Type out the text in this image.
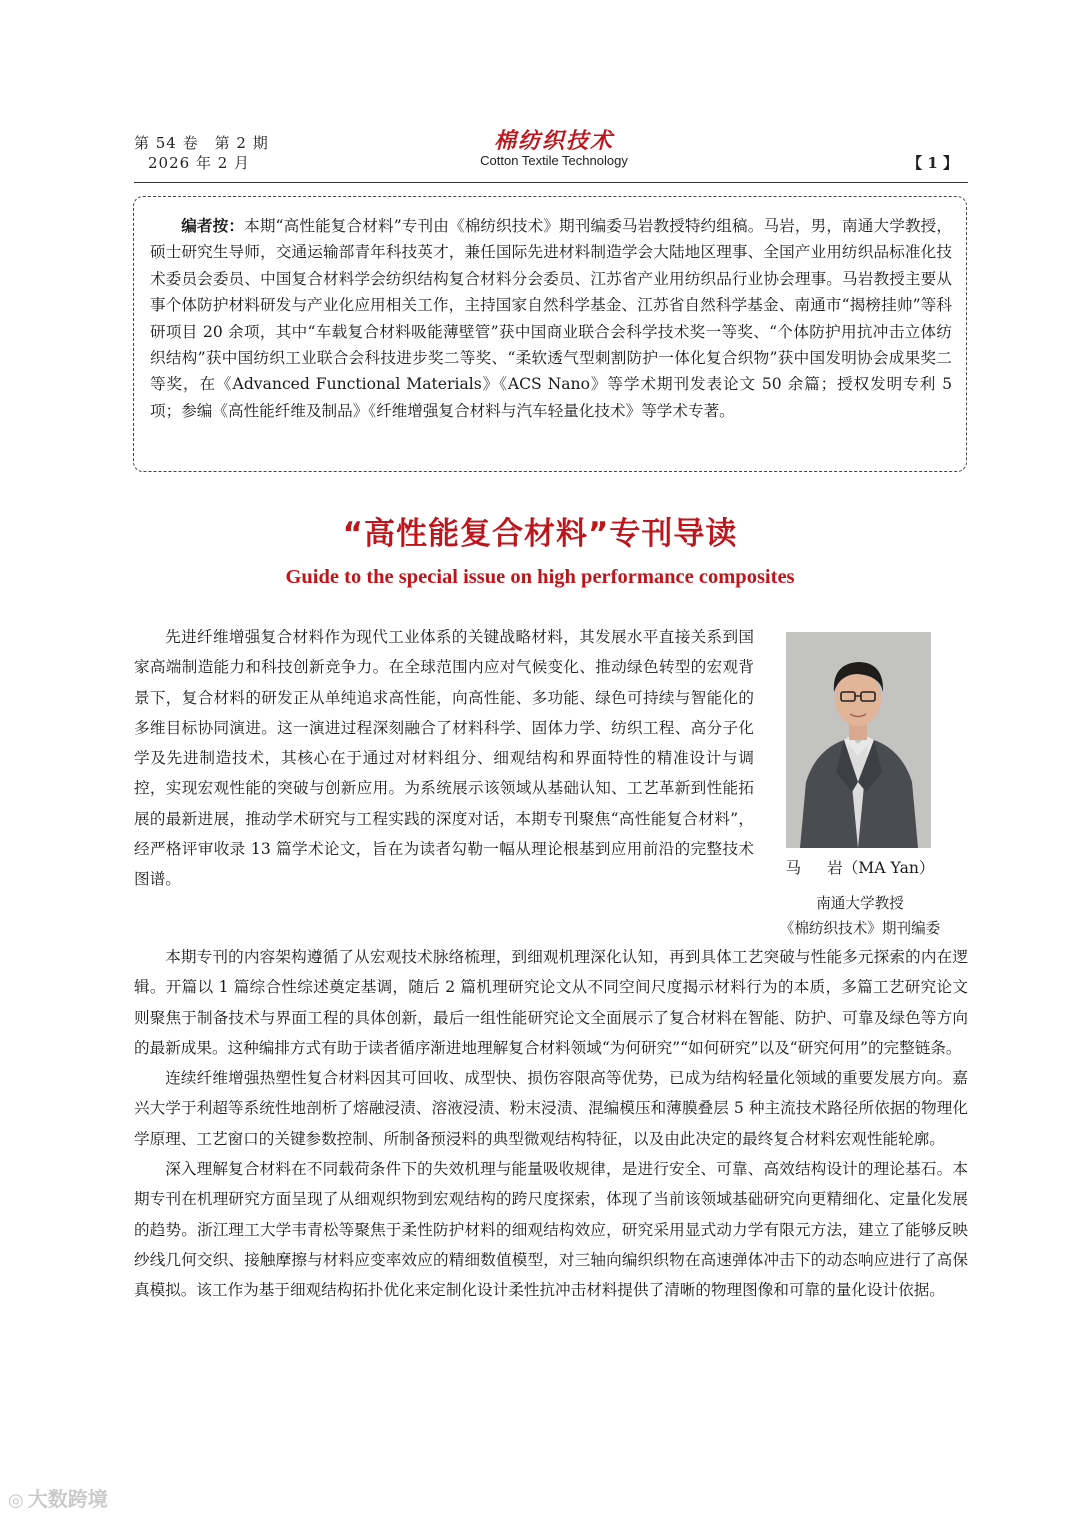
第 54 卷　第 2 期
2026 年 2 月
棉纺织技术
Cotton Textile Technology	【 1 】

编者按：本期“高性能复合材料”专刊由《棉纺织技术》期刊编委马岩教授特约组稿。马岩，男，南通大学教授，硕士研究生导师，交通运输部青年科技英才，兼任国际先进材料制造学会大陆地区理事、全国产业用纺织品标准化技术委员会委员、中国复合材料学会纺织结构复合材料分会委员、江苏省产业用纺织品行业协会理事。马岩教授主要从事个体防护材料研发与产业化应用相关工作，主持国家自然科学基金、江苏省自然科学基金、南通市“揭榜挂帅”等科研项目 20 余项，其中“车载复合材料吸能薄壁管”获中国商业联合会科学技术奖一等奖、“个体防护用抗冲击立体纺织结构”获中国纺织工业联合会科技进步奖二等奖、“柔软透气型刺割防护一体化复合织物”获中国发明协会成果奖二等奖，在《Advanced Functional Materials》《ACS Nano》等学术期刊发表论文 50 余篇；授权发明专利 5 项；参编《高性能纤维及制品》《纤维增强复合材料与汽车轻量化技术》等学术专著。

“高性能复合材料”专刊导读
Guide to the special issue on high performance composites
马 岩（MA Yan）
南通大学教授
《棉纺织技术》期刊编委

先进纤维增强复合材料作为现代工业体系的关键战略材料，其发展水平直接关系到国家高端制造能力和科技创新竞争力。在全球范围内应对气候变化、推动绿色转型的宏观背景下，复合材料的研发正从单纯追求高性能，向高性能、多功能、绿色可持续与智能化的多维目标协同演进。这一演进过程深刻融合了材料科学、固体力学、纺织工程、高分子化学及先进制造技术，其核心在于通过对材料组分、细观结构和界面特性的精准设计与调控，实现宏观性能的突破与创新应用。为系统展示该领域从基础认知、工艺革新到性能拓展的最新进展，推动学术研究与工程实践的深度对话，本期专刊聚焦“高性能复合材料”，经严格评审收录 13 篇学术论文，旨在为读者勾勒一幅从理论根基到应用前沿的完整技术图谱。

本期专刊的内容架构遵循了从宏观技术脉络梳理，到细观机理深化认知，再到具体工艺突破与性能多元探索的内在逻辑。开篇以 1 篇综合性综述奠定基调，随后 2 篇机理研究论文从不同空间尺度揭示材料行为的本质，多篇工艺研究论文则聚焦于制备技术与界面工程的具体创新，最后一组性能研究论文全面展示了复合材料在智能、防护、可靠及绿色等方向的最新成果。这种编排方式有助于读者循序渐进地理解复合材料领域“为何研究”“如何研究”以及“研究何用”的完整链条。

连续纤维增强热塑性复合材料因其可回收、成型快、损伤容限高等优势，已成为结构轻量化领域的重要发展方向。嘉兴大学于利超等系统性地剖析了熔融浸渍、溶液浸渍、粉末浸渍、混编模压和薄膜叠层 5 种主流技术路径所依据的物理化学原理、工艺窗口的关键参数控制、所制备预浸料的典型微观结构特征，以及由此决定的最终复合材料宏观性能轮廓。

深入理解复合材料在不同载荷条件下的失效机理与能量吸收规律，是进行安全、可靠、高效结构设计的理论基石。本期专刊在机理研究方面呈现了从细观织物到宏观结构的跨尺度探索，体现了当前该领域基础研究向更精细化、定量化发展的趋势。浙江理工大学韦青松等聚焦于柔性防护材料的细观结构效应，研究采用显式动力学有限元方法，建立了能够反映纱线几何交织、接触摩擦与材料应变率效应的精细数值模型，对三轴向编织织物在高速弹体冲击下的动态响应进行了高保真模拟。该工作为基于细观结构拓扑优化来定制化设计柔性抗冲击材料提供了清晰的物理图像和可靠的量化设计依据。

◎ 大数跨境
